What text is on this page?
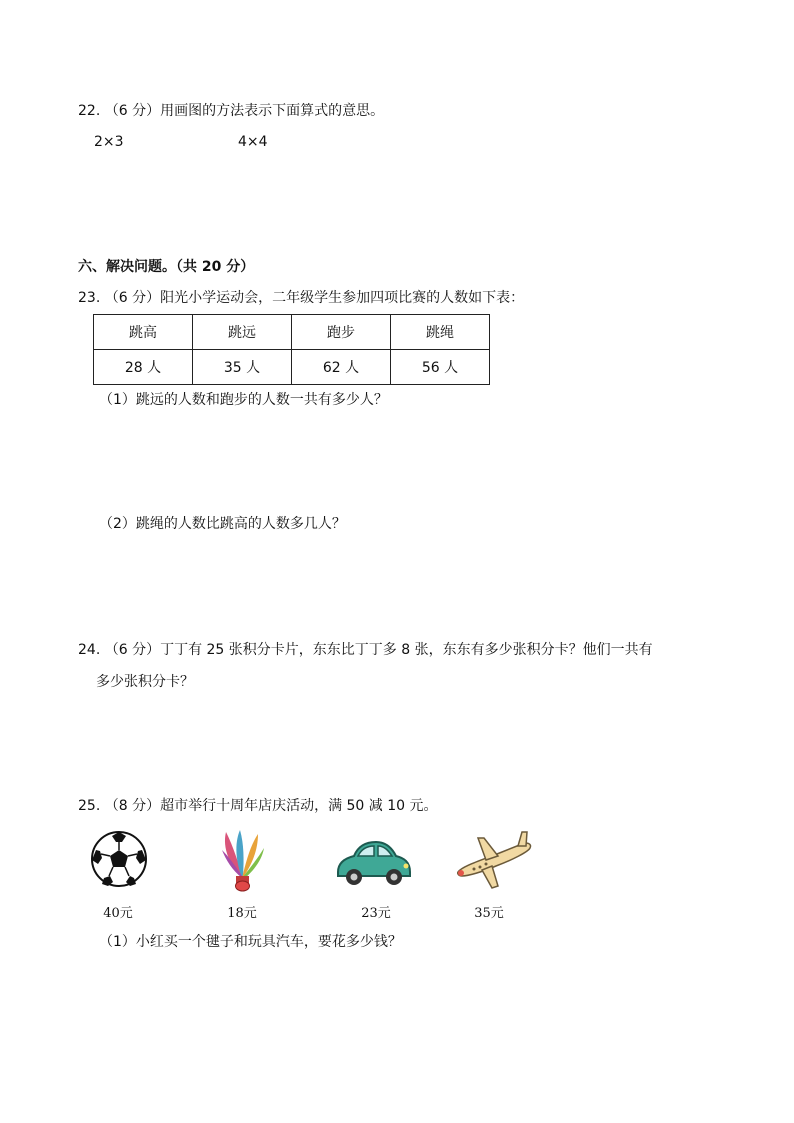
22. （6 分）用画图的方法表示下面算式的意思。
2×3	4×4
六、解决问题。（共 20 分）
23. （6 分）阳光小学运动会，二年级学生参加四项比赛的人数如下表：
跳高	跳远	跑步	跳绳
28 人	35 人	62 人	56 人
（1）跳远的人数和跑步的人数一共有多少人？
（2）跳绳的人数比跳高的人数多几人？
24. （6 分）丁丁有 25 张积分卡片，东东比丁丁多 8 张，东东有多少张积分卡？他们一共有
多少张积分卡？
25. （8 分）超市举行十周年店庆活动，满 50 减 10 元。
40元	18元	23元	35元
（1）小红买一个毽子和玩具汽车，要花多少钱？
